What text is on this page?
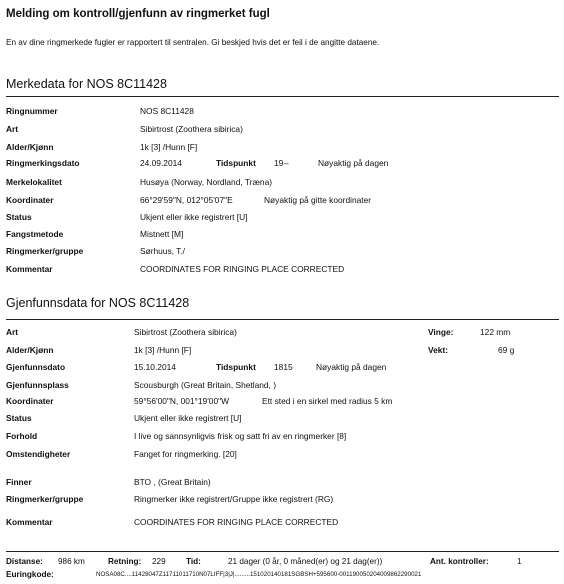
Melding om kontroll/gjenfunn av ringmerket fugl
En av dine ringmerkede fugler er rapportert til sentralen. Gi beskjed hvis det er feil i de angitte dataene.
Merkedata for NOS 8C11428
Ringnummer	NOS 8C11428
Art	Sibirtrost (Zoothera sibirica)
Alder/Kjønn	1k [3] /Hunn [F]
Ringmerkingsdato	24.09.2014	Tidspunkt 19--	Nøyaktig på dagen
Merkelokalitet	Husøya (Norway, Nordland, Træna)
Koordinater	66°29'59"N, 012°05'07"E	Nøyaktig på gitte koordinater
Status	Ukjent eller ikke registrert [U]
Fangstmetode	Mistnett [M]
Ringmerker/gruppe	Sørhuus, T./
Kommentar	COORDINATES FOR RINGING PLACE CORRECTED
Gjenfunnsdata for NOS 8C11428
Art	Sibirtrost (Zoothera sibirica)	Vinge:	122 mm
Alder/Kjønn	1k [3] /Hunn [F]	Vekt:	69 g
Gjenfunnsdato	15.10.2014	Tidspunkt 1815	Nøyaktig på dagen
Gjenfunnsplass	Scousburgh (Great Britain, Shetland, )
Koordinater	59°56'00"N, 001°19'00"W	Ett sted i en sirkel med radius 5 km
Status	Ukjent eller ikke registrert [U]
Forhold	I live og sannsynligvis frisk og satt fri av en ringmerker [8]
Omstendigheter	Fanget for ringmerking. [20]
Finner	BTO , (Great Britain)
Ringmerker/gruppe	Ringmerker ikke registrert/Gruppe ikke registrert (RG)
Kommentar	COORDINATES FOR RINGING PLACE CORRECTED
Distanse: 986 km	Retning: 229 Tid:	21 dager (0 år, 0 måned(er) og 21 dag(er))	Ant. kontroller:	1
Euringkode:	NOSA08C....11428047Z11711011710N07LIFF|3|J|.........151020140181SGBSH+595600-001190050204009862290021
